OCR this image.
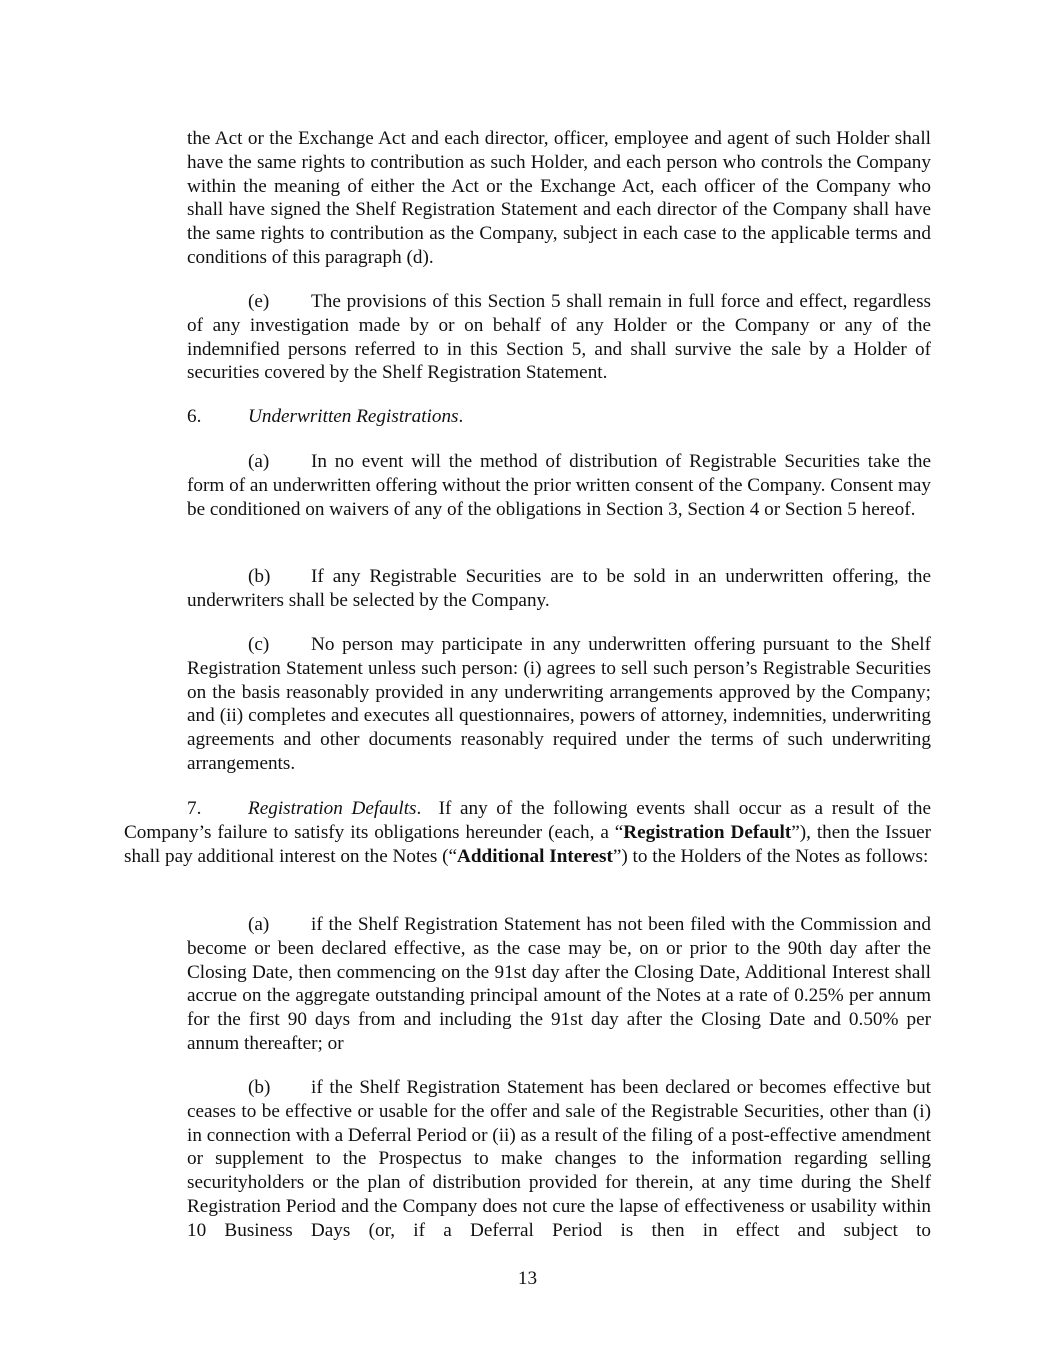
the Act or the Exchange Act and each director, officer, employee and agent of such Holder shall have the same rights to contribution as such Holder, and each person who controls the Company within the meaning of either the Act or the Exchange Act, each officer of the Company who shall have signed the Shelf Registration Statement and each director of the Company shall have the same rights to contribution as the Company, subject in each case to the applicable terms and conditions of this paragraph (d).

(e) The provisions of this Section 5 shall remain in full force and effect, regardless of any investigation made by or on behalf of any Holder or the Company or any of the indemnified persons referred to in this Section 5, and shall survive the sale by a Holder of securities covered by the Shelf Registration Statement.

6. Underwritten Registrations.

(a) In no event will the method of distribution of Registrable Securities take the form of an underwritten offering without the prior written consent of the Company. Consent may be conditioned on waivers of any of the obligations in Section 3, Section 4 or Section 5 hereof.

(b) If any Registrable Securities are to be sold in an underwritten offering, the underwriters shall be selected by the Company.

(c) No person may participate in any underwritten offering pursuant to the Shelf Registration Statement unless such person: (i) agrees to sell such person’s Registrable Securities on the basis reasonably provided in any underwriting arrangements approved by the Company; and (ii) completes and executes all questionnaires, powers of attorney, indemnities, underwriting agreements and other documents reasonably required under the terms of such underwriting arrangements.

7. Registration Defaults. If any of the following events shall occur as a result of the Company’s failure to satisfy its obligations hereunder (each, a “Registration Default”), then the Issuer shall pay additional interest on the Notes (“Additional Interest”) to the Holders of the Notes as follows:

(a) if the Shelf Registration Statement has not been filed with the Commission and become or been declared effective, as the case may be, on or prior to the 90th day after the Closing Date, then commencing on the 91st day after the Closing Date, Additional Interest shall accrue on the aggregate outstanding principal amount of the Notes at a rate of 0.25% per annum for the first 90 days from and including the 91st day after the Closing Date and 0.50% per annum thereafter; or

(b) if the Shelf Registration Statement has been declared or becomes effective but ceases to be effective or usable for the offer and sale of the Registrable Securities, other than (i) in connection with a Deferral Period or (ii) as a result of the filing of a post-effective amendment or supplement to the Prospectus to make changes to the information regarding selling securityholders or the plan of distribution provided for therein, at any time during the Shelf Registration Period and the Company does not cure the lapse of effectiveness or usability within 10 Business Days (or, if a Deferral Period is then in effect and subject to

13
